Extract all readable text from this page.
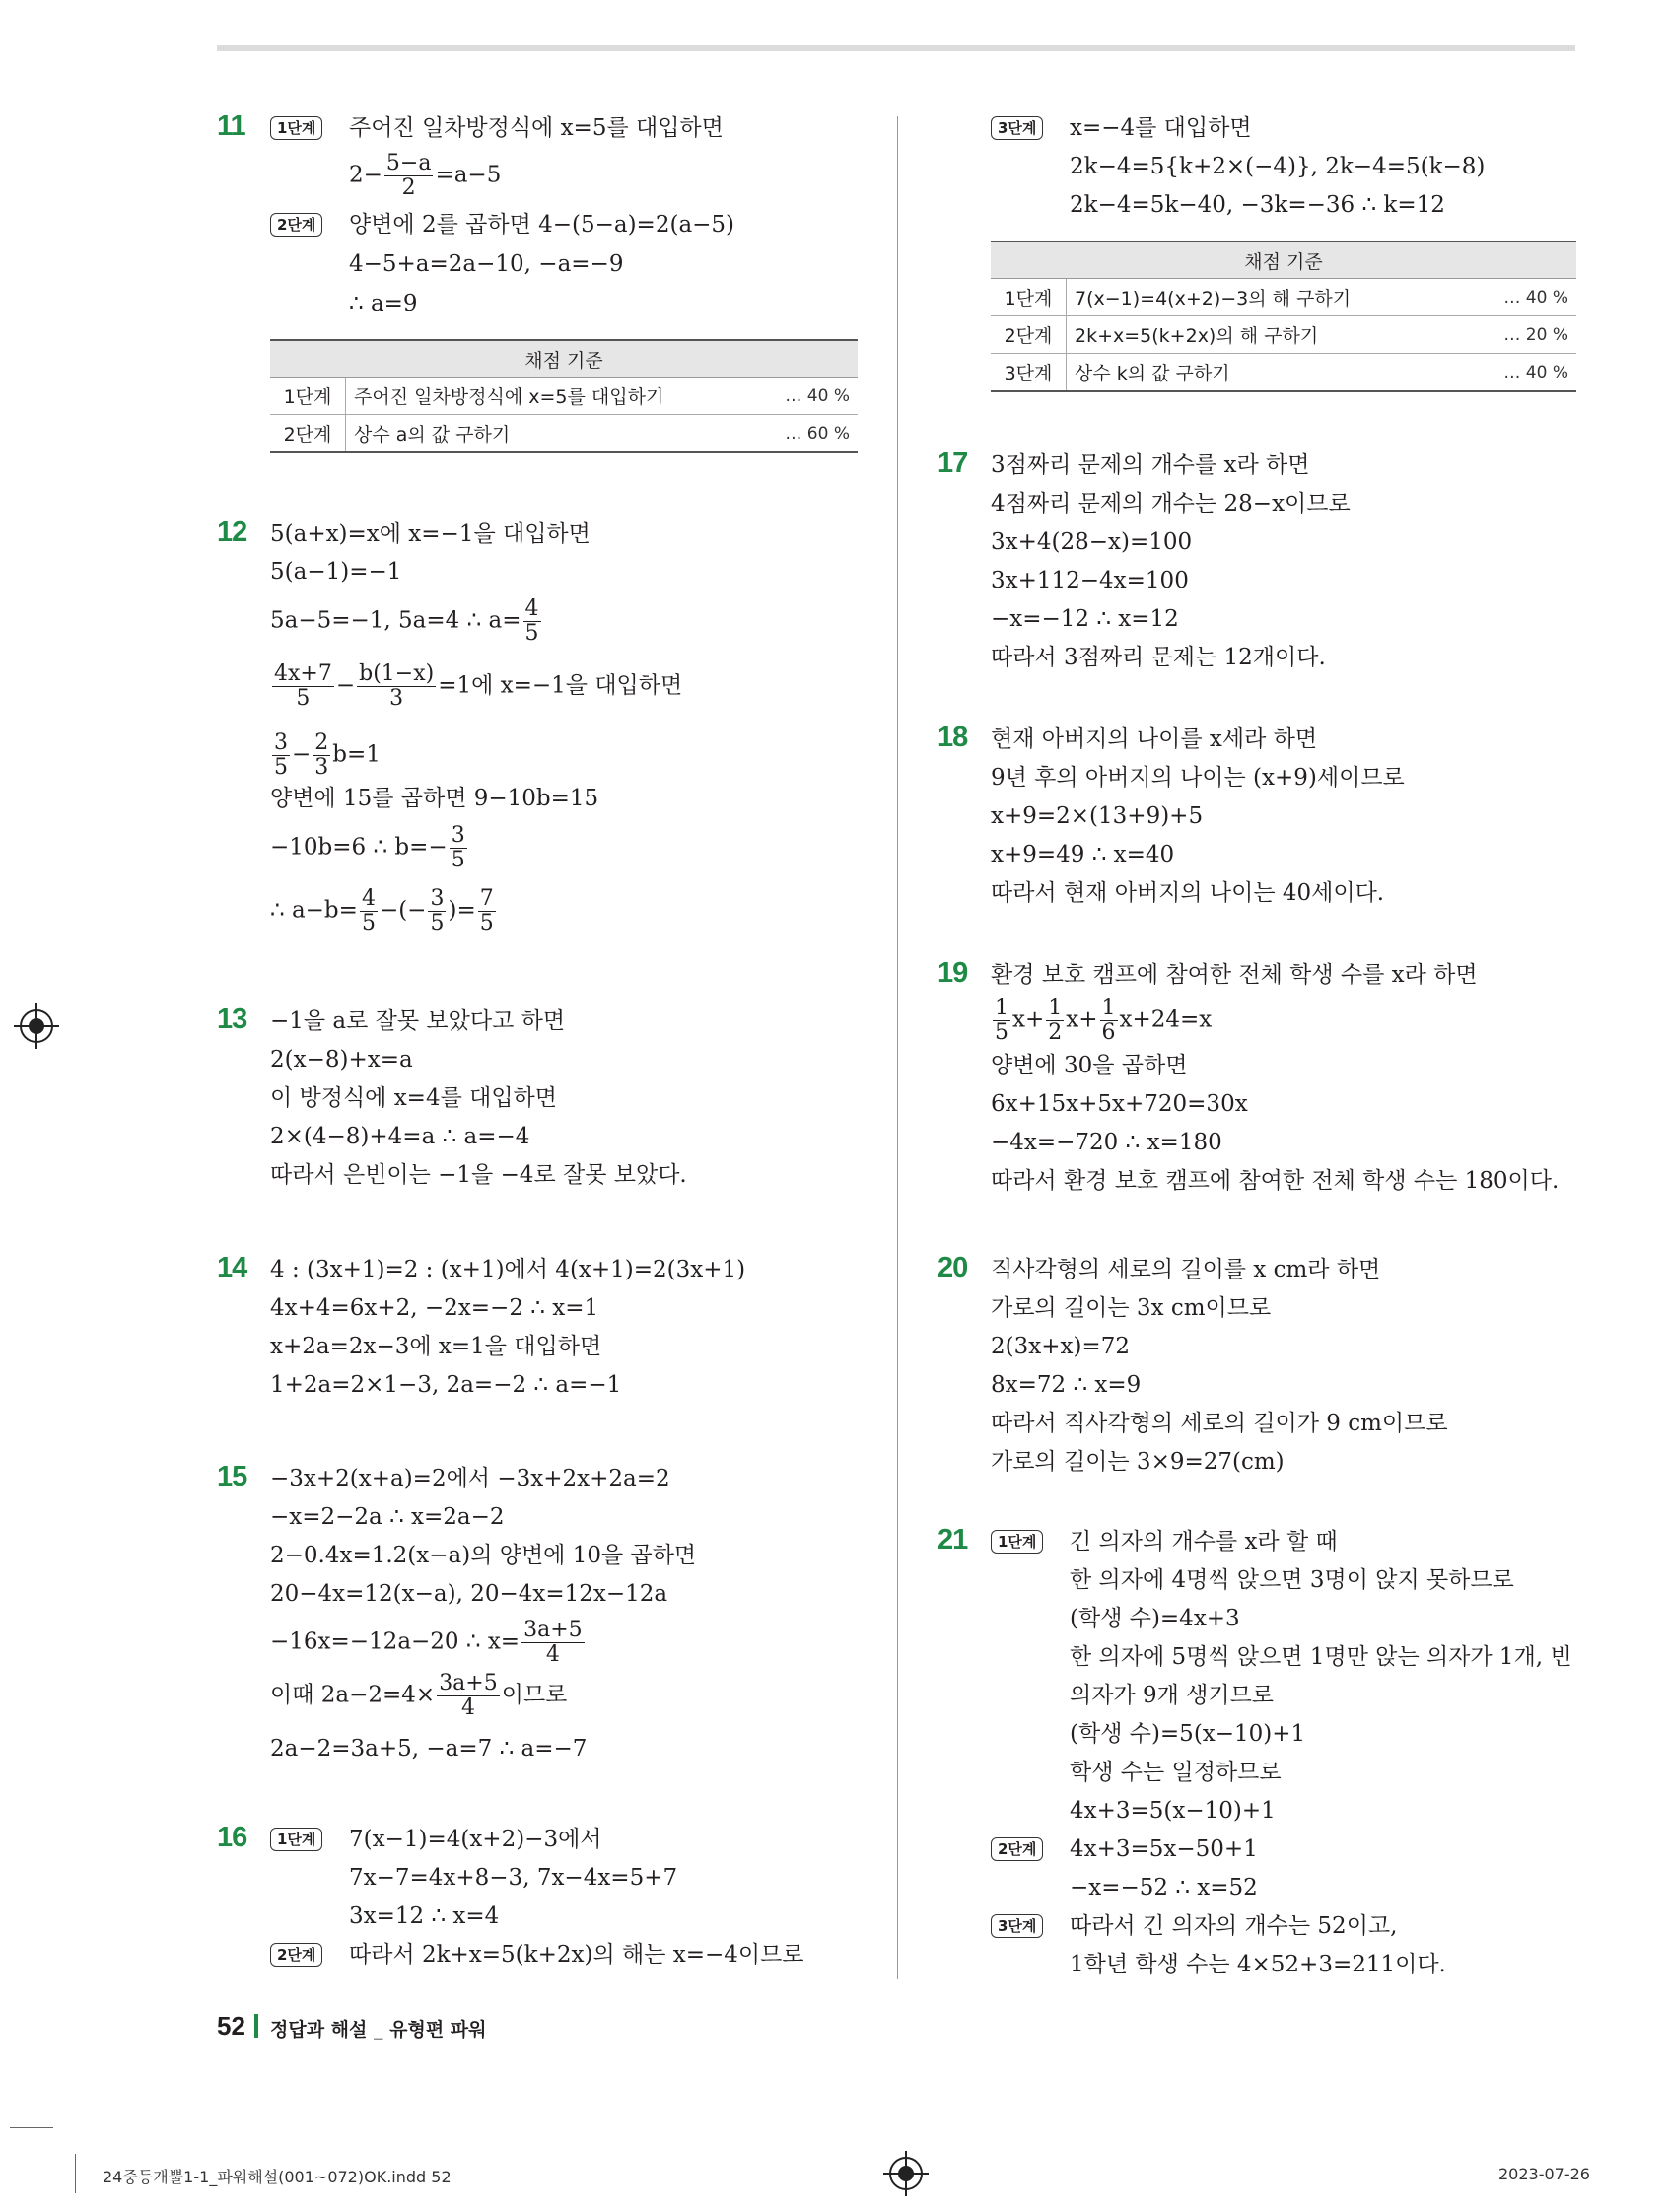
11	1단계	주어진 일차방정식에 x=5를 대입하면
$2- \frac{5-a}{2} =a-5$
2단계	양변에 2를 곱하면 4−(5−a)=2(a−5)
4−5+a=2a−10, −a=−9
∴ a=9
채점 기준		
1단계	주어진 일차방정식에 x=5를 대입하기	… 40 %
2단계	상수 a의 값 구하기	… 60 %
12 5(a+x)=x에 x=−1을 대입하면
5(a−1)=−1
5a−5=−1, 5a=4 ∴ $a= \frac{4}{5}$
$\frac{4x+7}{5} - \frac{b(1-x)}{3} =1$에 x=−1을 대입하면
$\frac{3}{5} - \frac{2}{3} b=1$
양변에 15를 곱하면 9−10b=15
−10b=6 ∴ $b=- \frac{3}{5}$
∴ $a-b= \frac{4}{5}$ −(− $\frac{3}{5}$ )= $\frac{7}{5}$
13 −1을 a로 잘못 보았다고 하면
2(x−8)+x=a
이 방정식에 x=4를 대입하면
2×(4−8)+4=a ∴ a=−4
따라서 은빈이는 −1을 −4로 잘못 보았다.
14 4 : (3x+1)=2 : (x+1)에서 4(x+1)=2(3x+1)
4x+4=6x+2, −2x=−2 ∴ x=1
x+2a=2x−3에 x=1을 대입하면
1+2a=2×1−3, 2a=−2 ∴ a=−1
15 −3x+2(x+a)=2에서 −3x+2x+2a=2
−x=2−2a ∴ x=2a−2
2−0.4x=1.2(x−a)의 양변에 10을 곱하면
20−4x=12(x−a), 20−4x=12x−12a
−16x=−12a−20 ∴ $x= \frac{3a+5}{4}$
이때 $2a-2=4\times \frac{3a+5}{4}$ 이므로
2a−2=3a+5, −a=7 ∴ a=−7
16	1단계	7(x−1)=4(x+2)−3에서
7x−7=4x+8−3, 7x−4x=5+7
3x=12 ∴ x=4
2단계	따라서 2k+x=5(k+2x)의 해는 x=−4이므로
3단계	x=−4를 대입하면
2k−4=5{k+2×(−4)}, 2k−4=5(k−8)
2k−4=5k−40, −3k=−36 ∴ k=12
채점 기준		
1단계	7(x−1)=4(x+2)−3의 해 구하기	… 40 %
2단계	2k+x=5(k+2x)의 해 구하기	… 20 %
3단계	상수 k의 값 구하기	… 40 %
17 3점짜리 문제의 개수를 x라 하면
4점짜리 문제의 개수는 28−x이므로
3x+4(28−x)=100
3x+112−4x=100
−x=−12 ∴ x=12
따라서 3점짜리 문제는 12개이다.
18 현재 아버지의 나이를 x세라 하면
9년 후의 아버지의 나이는 (x+9)세이므로
x+9=2×(13+9)+5
x+9=49 ∴ x=40
따라서 현재 아버지의 나이는 40세이다.
19 환경 보호 캠프에 참여한 전체 학생 수를 x라 하면
$\frac{1}{5} x+ \frac{1}{2} x+ \frac{1}{6} x+24=x$
양변에 30을 곱하면
6x+15x+5x+720=30x
−4x=−720 ∴ x=180
따라서 환경 보호 캠프에 참여한 전체 학생 수는 180이다.
20 직사각형의 세로의 길이를 x cm라 하면
가로의 길이는 3x cm이므로
2(3x+x)=72
8x=72 ∴ x=9
따라서 직사각형의 세로의 길이가 9 cm이므로
가로의 길이는 3×9=27(cm)
21	1단계	긴 의자의 개수를 x라 할 때
한 의자에 4명씩 앉으면 3명이 앉지 못하므로
(학생 수)=4x+3
한 의자에 5명씩 앉으면 1명만 앉는 의자가 1개, 빈
의자가 9개 생기므로
(학생 수)=5(x−10)+1
학생 수는 일정하므로
4x+3=5(x−10)+1
2단계	4x+3=5x−50+1
−x=−52 ∴ x=52
3단계	따라서 긴 의자의 개수는 52이고,
1학년 학생 수는 4×52+3=211이다.
52 정답과 해설 _ 유형편 파워
24중등개뿔1-1_파워해설(001~072)OK.indd 52	2023-07-26
